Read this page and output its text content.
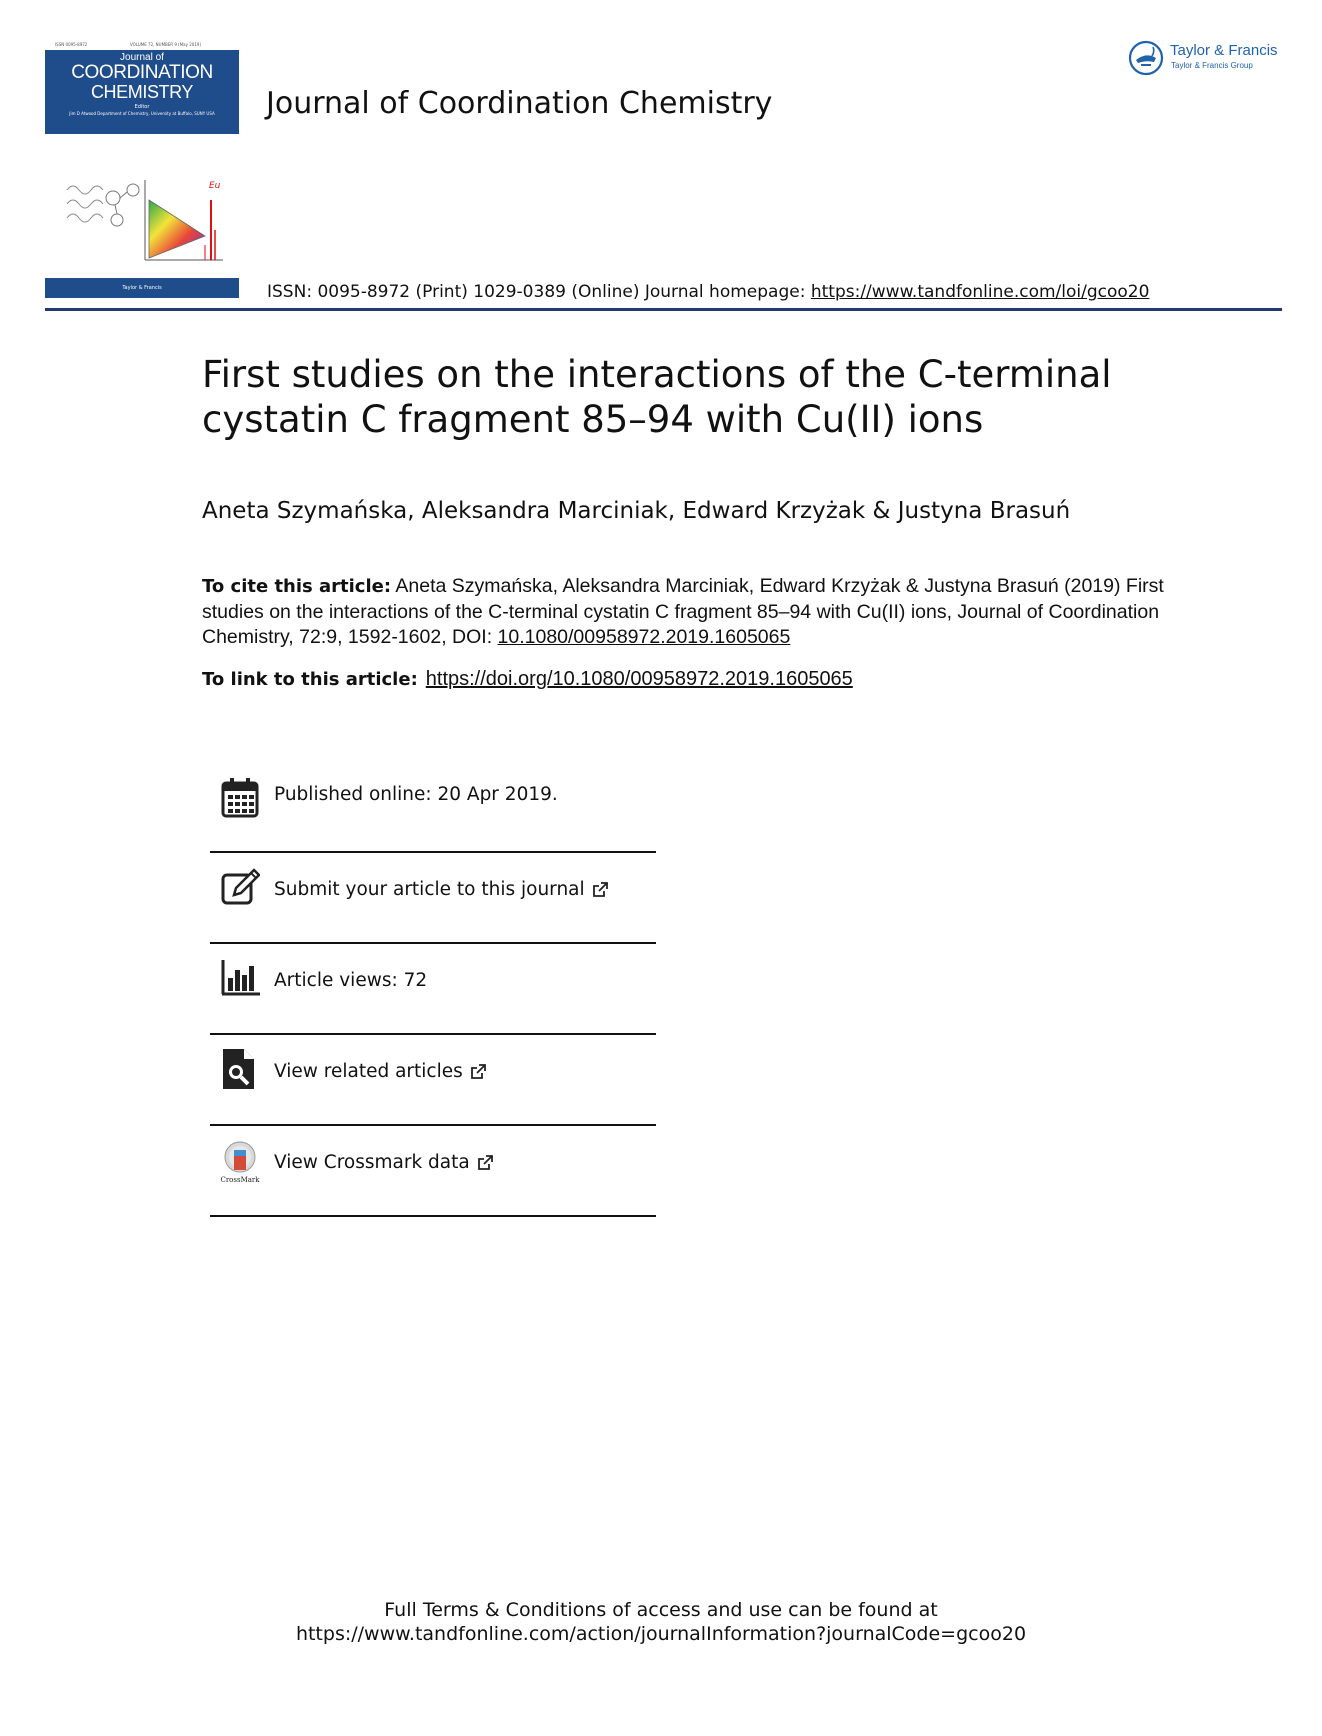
ISSN 0095-8972	VOLUME 72, NUMBER 9 (May 2019)
Journal of
COORDINATION
CHEMISTRY
Editor
Jim D Atwood Department of Chemistry, University at Buffalo, SUNY USA
Eu
Taylor & Francis
Journal of Coordination Chemistry
Taylor & Francis
Taylor & Francis Group
ISSN: 0095-8972 (Print) 1029-0389 (Online) Journal homepage: https://www.tandfonline.com/loi/gcoo20
First studies on the interactions of the C-terminal cystatin C fragment 85–94 with Cu(II) ions
Aneta Szymańska, Aleksandra Marciniak, Edward Krzyżak & Justyna Brasuń
To cite this article: Aneta Szymańska, Aleksandra Marciniak, Edward Krzyżak & Justyna Brasuń (2019) First studies on the interactions of the C-terminal cystatin C fragment 85–94 with Cu(II) ions, Journal of Coordination Chemistry, 72:9, 1592-1602, DOI: 10.1080/00958972.2019.1605065
To link to this article: https://doi.org/10.1080/00958972.2019.1605065
Published online: 20 Apr 2019.
Submit your article to this journal
Article views: 72
View related articles
CrossMark
View Crossmark data
Full Terms & Conditions of access and use can be found at
https://www.tandfonline.com/action/journalInformation?journalCode=gcoo20
